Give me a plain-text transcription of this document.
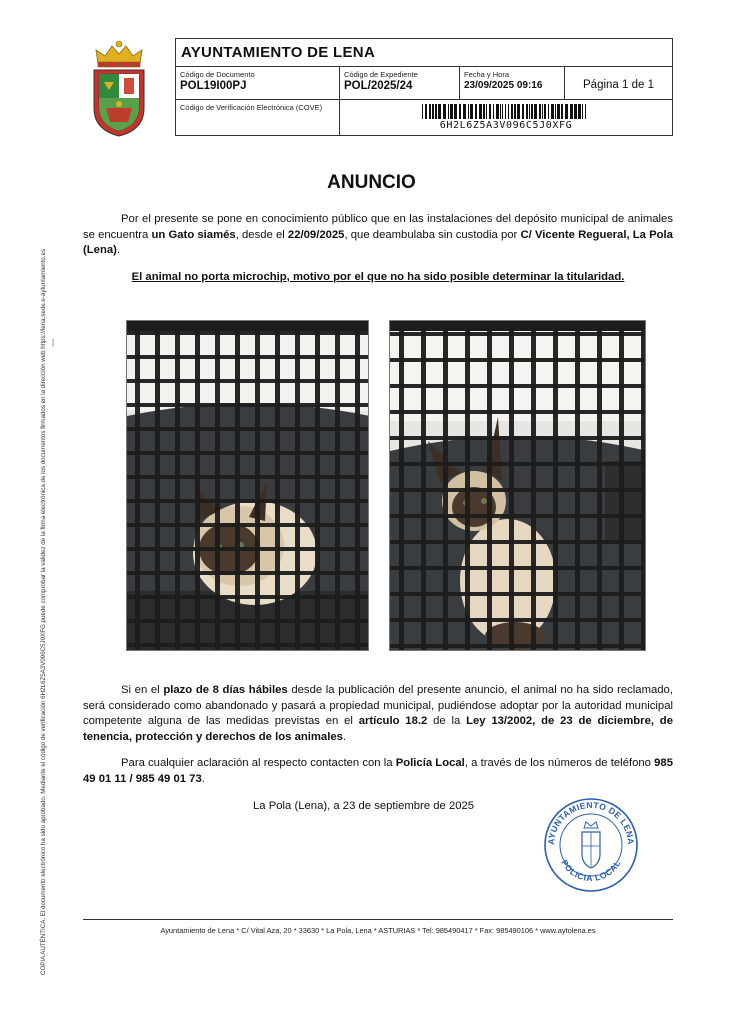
COPIA AUTÉNTICA. El documento electrónico ha sido aprobado. Mediante el código de verificación 6H2L6Z5A3V096C5J0XFG puede comprobar la validez de la firma electrónica de los documentos firmados en la dirección web https://lena.sede.e-aytuntamiento.es |
AYUNTAMIENTO DE LENA
Código de Documento
POL19I00PJ
Código de Expediente
POL/2025/24
Fecha y Hora
23/09/2025 09:16	Página 1 de 1
Código de Verificación Electrónica (COVE)
6H2L6Z5A3V096C5J0XFG
ANUNCIO
Por el presente se pone en conocimiento público que en las instalaciones del depósito municipal de animales se encuentra un Gato siamés, desde el 22/09/2025, que deambulaba sin custodia por C/ Vicente Regueral, La Pola (Lena).
El animal no porta microchip, motivo por el que no ha sido posible determinar la titularidad.
Si en el plazo de 8 días hábiles desde la publicación del presente anuncio, el animal no ha sido reclamado, será considerado como abandonado y pasará a propiedad municipal, pudiéndose adoptar por la autoridad municipal competente alguna de las medidas previstas en el artículo 18.2 de la Ley 13/2002, de 23 de diciembre, de tenencia, protección y derechos de los animales.
Para cualquier aclaración al respecto contacten con la Policía Local, a través de los números de teléfono 985 49 01 11 / 985 49 01 73.
La Pola (Lena), a 23 de septiembre de 2025
AYUNTAMIENTO DE LENA
POLICIA LOCAL
Ayuntamiento de Lena * C/ Vital Aza, 20 * 33630 * La Pola, Lena * ASTURIAS * Tel: 985490417 * Fax: 985490106 * www.aytolena.es
